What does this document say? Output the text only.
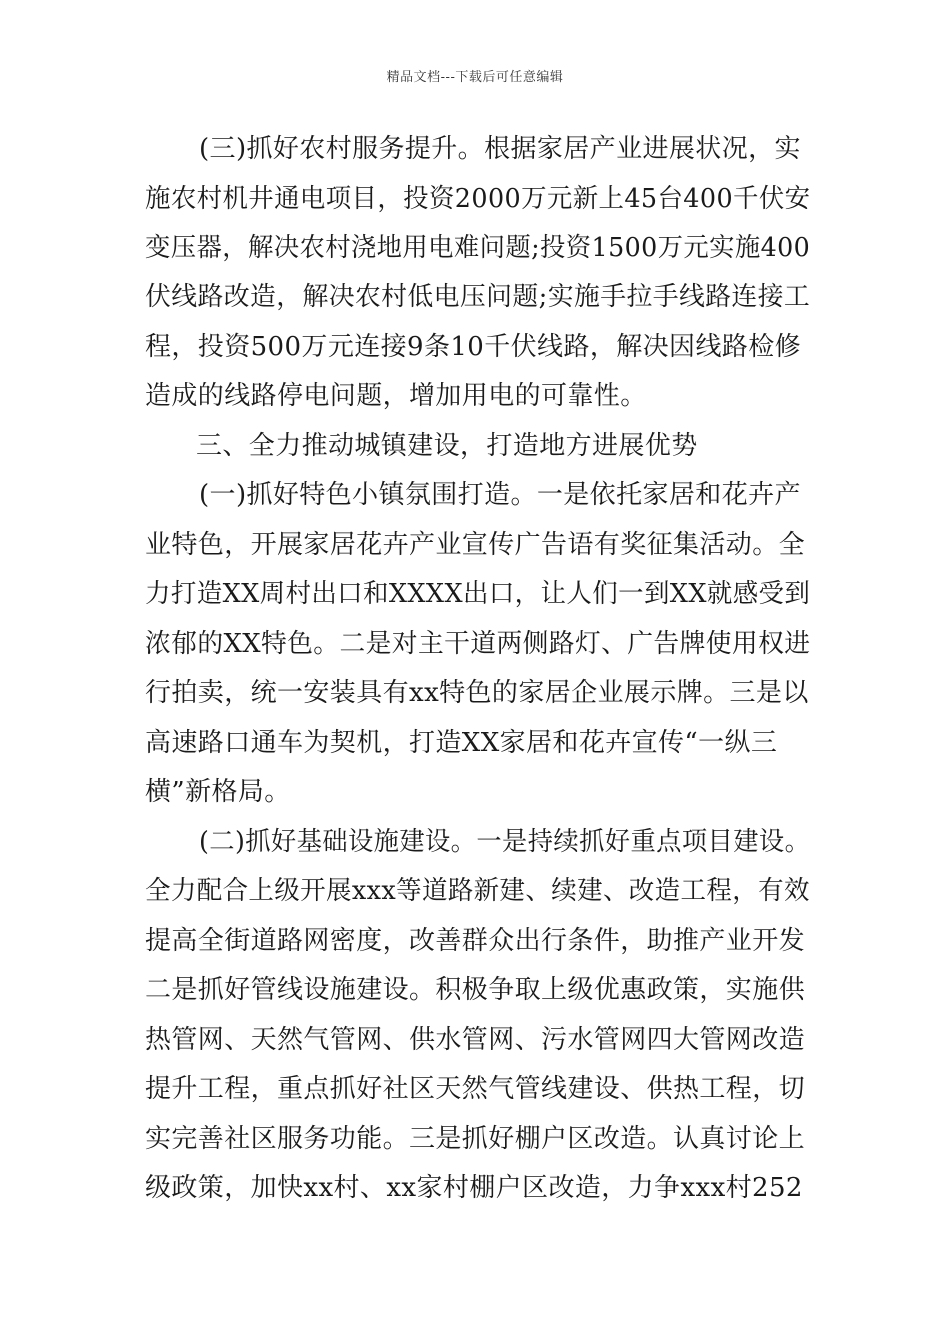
精品文档---下载后可任意编辑
(三)抓好农村服务提升。根据家居产业进展状况，实
施农村机井通电项目，投资2000万元新上45台400千伏安
变压器，解决农村浇地用电难问题;投资1500万元实施400
伏线路改造，解决农村低电压问题;实施手拉手线路连接工
程，投资500万元连接9条10千伏线路，解决因线路检修
造成的线路停电问题，增加用电的可靠性。
三、全力推动城镇建设，打造地方进展优势
(一)抓好特色小镇氛围打造。一是依托家居和花卉产
业特色，开展家居花卉产业宣传广告语有奖征集活动。全
力打造XX周村出口和XXXX出口，让人们一到XX就感受到
浓郁的XX特色。二是对主干道两侧路灯、广告牌使用权进
行拍卖，统一安装具有xx特色的家居企业展示牌。三是以
高速路口通车为契机，打造XX家居和花卉宣传“一纵三
横”新格局。
(二)抓好基础设施建设。一是持续抓好重点项目建设。
全力配合上级开展xxx等道路新建、续建、改造工程，有效
提高全街道路网密度，改善群众出行条件，助推产业开发
二是抓好管线设施建设。积极争取上级优惠政策，实施供
热管网、天然气管网、供水管网、污水管网四大管网改造
提升工程，重点抓好社区天然气管线建设、供热工程，切
实完善社区服务功能。三是抓好棚户区改造。认真讨论上
级政策，加快xx村、xx家村棚户区改造，力争xxx村252
